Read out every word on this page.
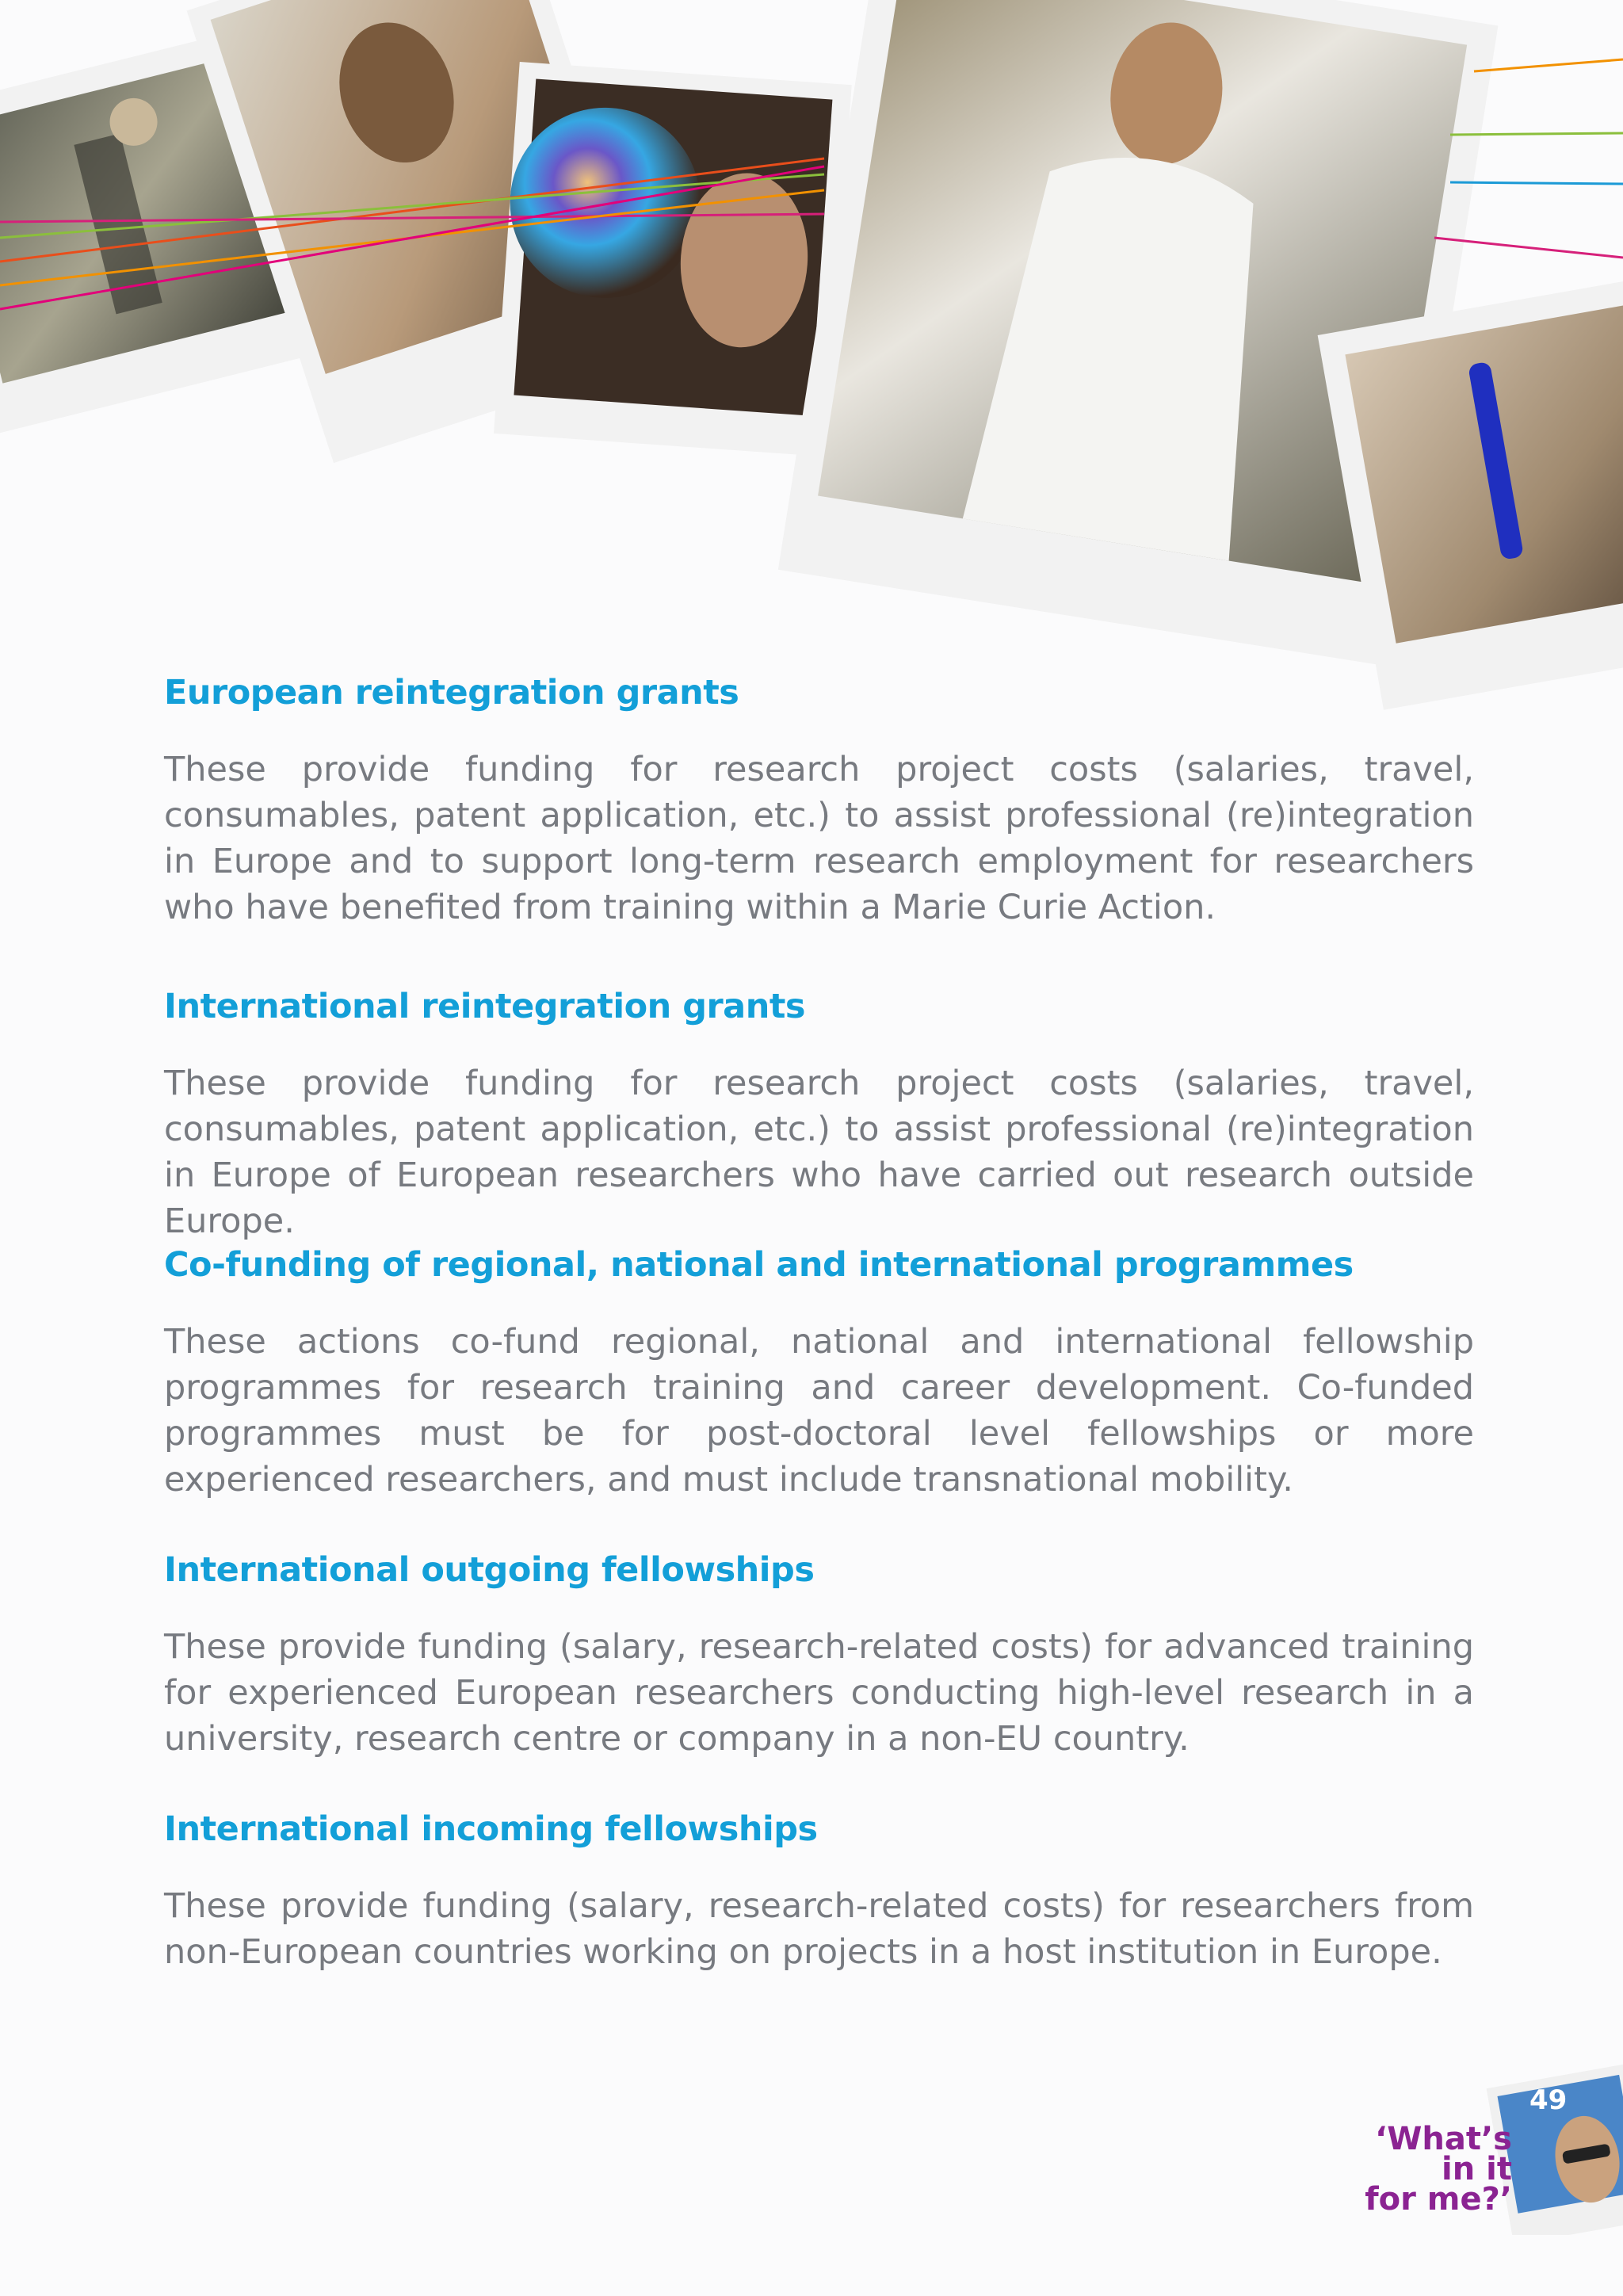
European reintegration grants

These provide funding for research project costs (salaries, travel, consumables, patent application, etc.) to assist professional (re)integration in Europe and to support long-term research employment for researchers who have benefited from training within a Marie Curie Action.

International reintegration grants

These provide funding for research project costs (salaries, travel, consumables, patent application, etc.) to assist professional (re)integration in Europe of European researchers who have carried out research outside Europe.

Co-funding of regional, national and international programmes

These actions co-fund regional, national and international fellowship programmes for research training and career development. Co-funded programmes must be for post-doctoral level fellowships or more experienced researchers, and must include transnational mobility.

International outgoing fellowships

These provide funding (salary, research-related costs) for advanced training for experienced European researchers conducting high-level research in a university, research centre or company in a non-EU country.

International incoming fellowships

These provide funding (salary, research-related costs) for researchers from non-European countries working on projects in a host institution in Europe.

49
‘What’s
in it
for me?’
